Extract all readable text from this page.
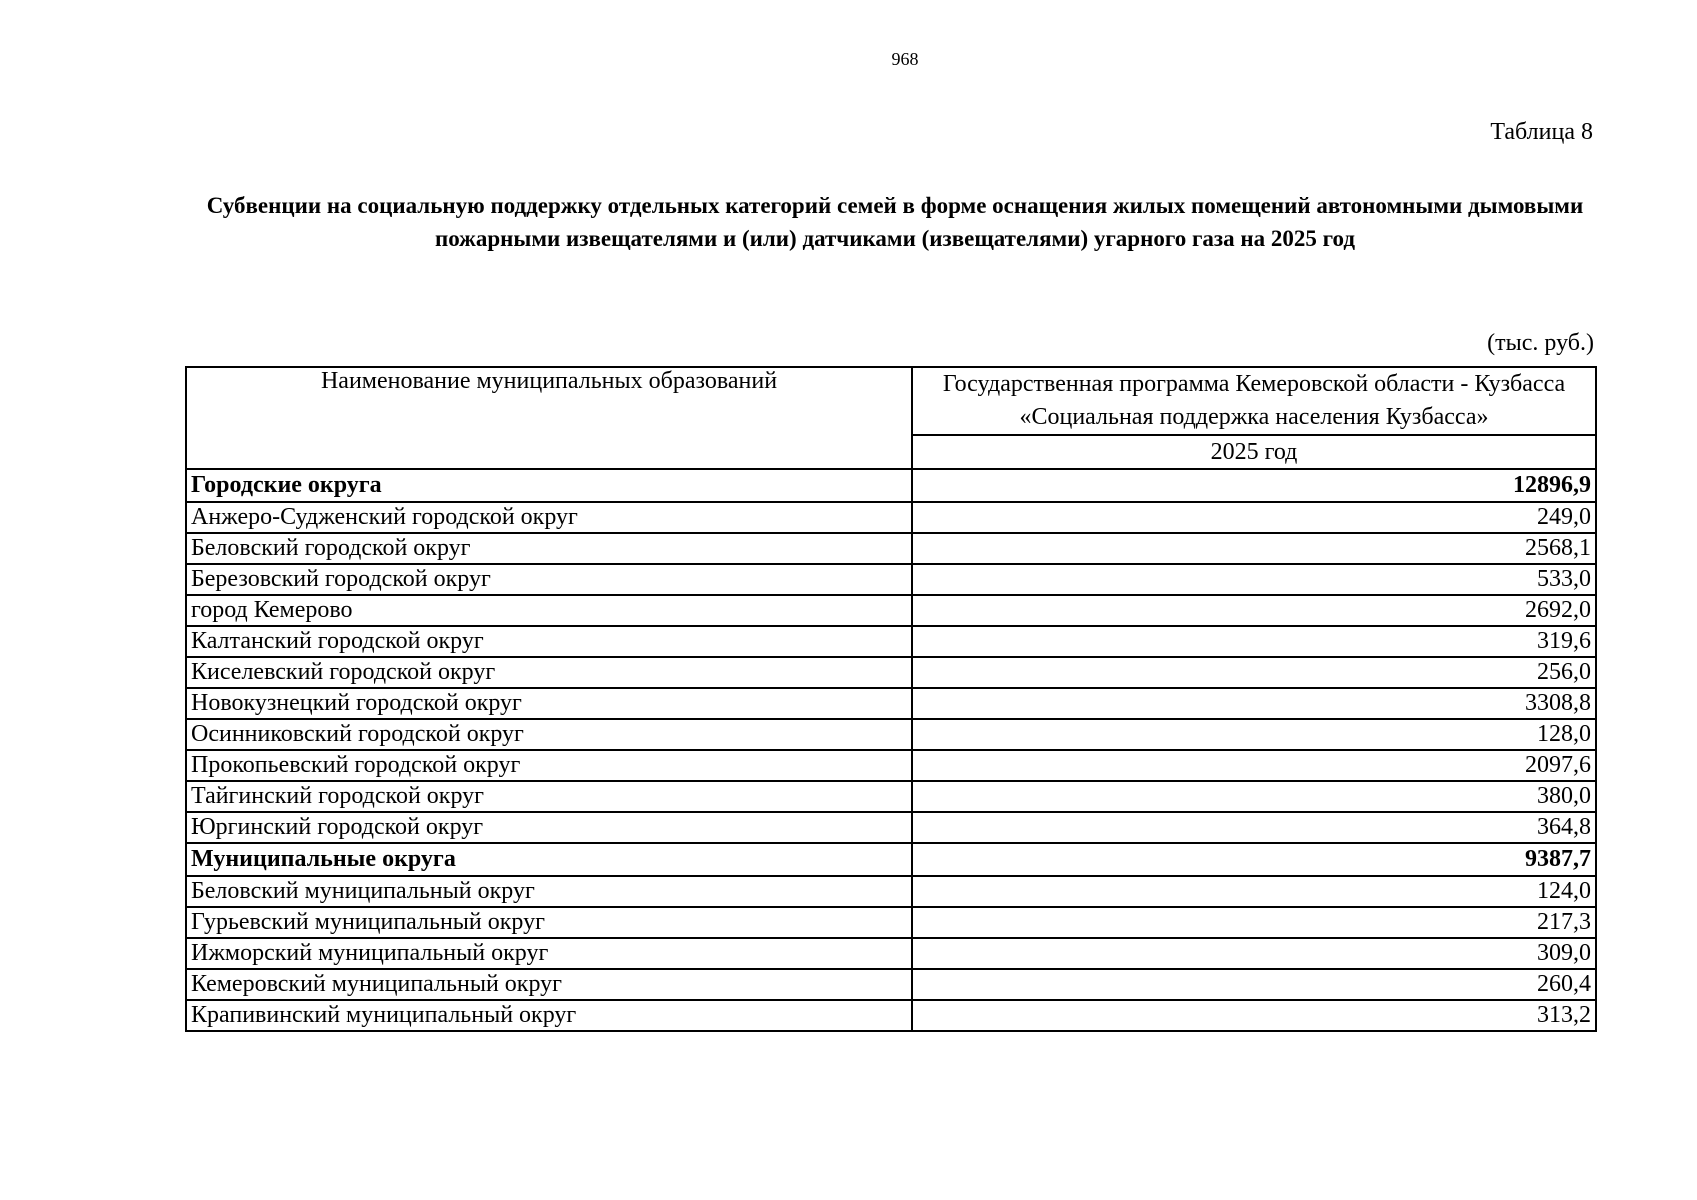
968
Таблица 8
Субвенции на социальную поддержку отдельных категорий семей в форме оснащения жилых помещений автономными дымовыми пожарными извещателями и (или) датчиками (извещателями) угарного газа на 2025 год
(тыс. руб.)
Наименование муниципальных образований	Государственная программа Кемеровской области - Кузбасса «Социальная поддержка населения Кузбасса»
	2025 год
Городские округа	12896,9
Анжеро-Судженский городской округ	249,0
Беловский городской округ	2568,1
Березовский городской округ	533,0
город Кемерово	2692,0
Калтанский городской округ	319,6
Киселевский городской округ	256,0
Новокузнецкий городской округ	3308,8
Осинниковский городской округ	128,0
Прокопьевский городской округ	2097,6
Тайгинский городской округ	380,0
Юргинский городской округ	364,8
Муниципальные округа	9387,7
Беловский муниципальный округ	124,0
Гурьевский муниципальный округ	217,3
Ижморский муниципальный округ	309,0
Кемеровский муниципальный округ	260,4
Крапивинский муниципальный округ	313,2
